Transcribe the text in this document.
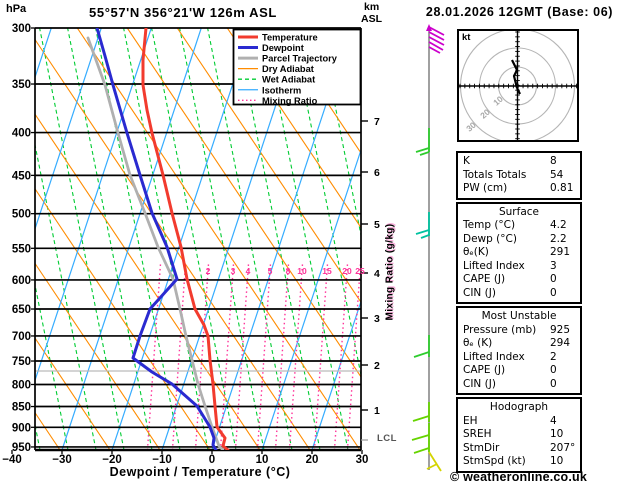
300
350
400
450
500
550
600
650
700
750
800
850
900
950
−40	−30	−20	−10	0	10	20	30
7
6
5
4
3
2
1
2 3 4 5 8 10 15 20 25
Temperature
Dewpoint
Parcel Trajectory
Dry Adiabat
Wet Adiabat
Isotherm
Mixing Ratio	10
20
30
hPa	55°57'N 356°21'W 126m ASL	km
ASL	28.01.2026 12GMT (Base: 06)
Mixing Ratio (g/kg)
LCL
Dewpoint / Temperature (°C)
kt
K	8
Totals Totals 54
PW (cm)	0.81
Surface
Temp (°C)	4.2
Dewp (°C)	2.2
θₑ(K)	291
Lifted Index 3
CAPE (J)	0
CIN (J)	0
Most Unstable
Pressure (mb) 925
θₑ (K)	294
Lifted Index 2
CAPE (J)	0
CIN (J)	0
Hodograph
EH	4
SREH	10
StmDir	207°
StmSpd (kt) 10
© weatheronline.co.uk
